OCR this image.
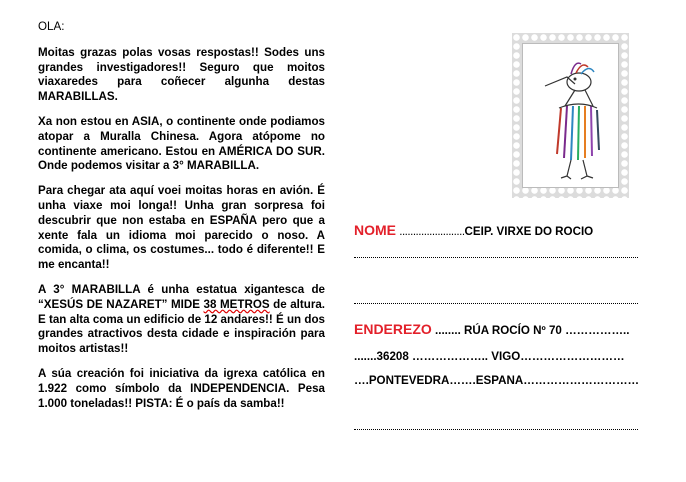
OLA:

Moitas grazas polas vosas respostas!! Sodes uns grandes investigadores!! Seguro que moitos viaxaredes para coñecer algunha destas MARABILLAS.

Xa non estou en ASIA, o continente onde podiamos atopar a Muralla Chinesa. Agora atópome no continente americano. Estou en AMÉRICA DO SUR. Onde podemos visitar a 3° MARABILLA.

Para chegar ata aquí voei moitas horas en avión. É unha viaxe moi longa!! Unha gran sorpresa foi descubrir que non estaba en ESPAÑA pero que a xente fala un idioma moi parecido o noso. A comida, o clima, os costumes... todo é diferente!! E me encanta!!

A 3° MARABILLA é unha estatua xigantesca de “XESÚS DE NAZARET” MIDE 38 METROS de altura. E tan alta coma un edificio de 12 andares!! É un dos grandes atractivos desta cidade e inspiración para moitos artistas!!

A súa creación foi iniciativa da igrexa católica en 1.922 como símbolo da INDEPENDENCIA. Pesa 1.000 toneladas!! PISTA: É o país da samba!!

NOME ........................CEIP. VIRXE DO ROCIO
ENDEREZO ........ RÚA ROCÍO Nº 70 ……………..
.......36208 ……………….. VIGO………………………
….PONTEVEDRA…….ESPANA…………………………
